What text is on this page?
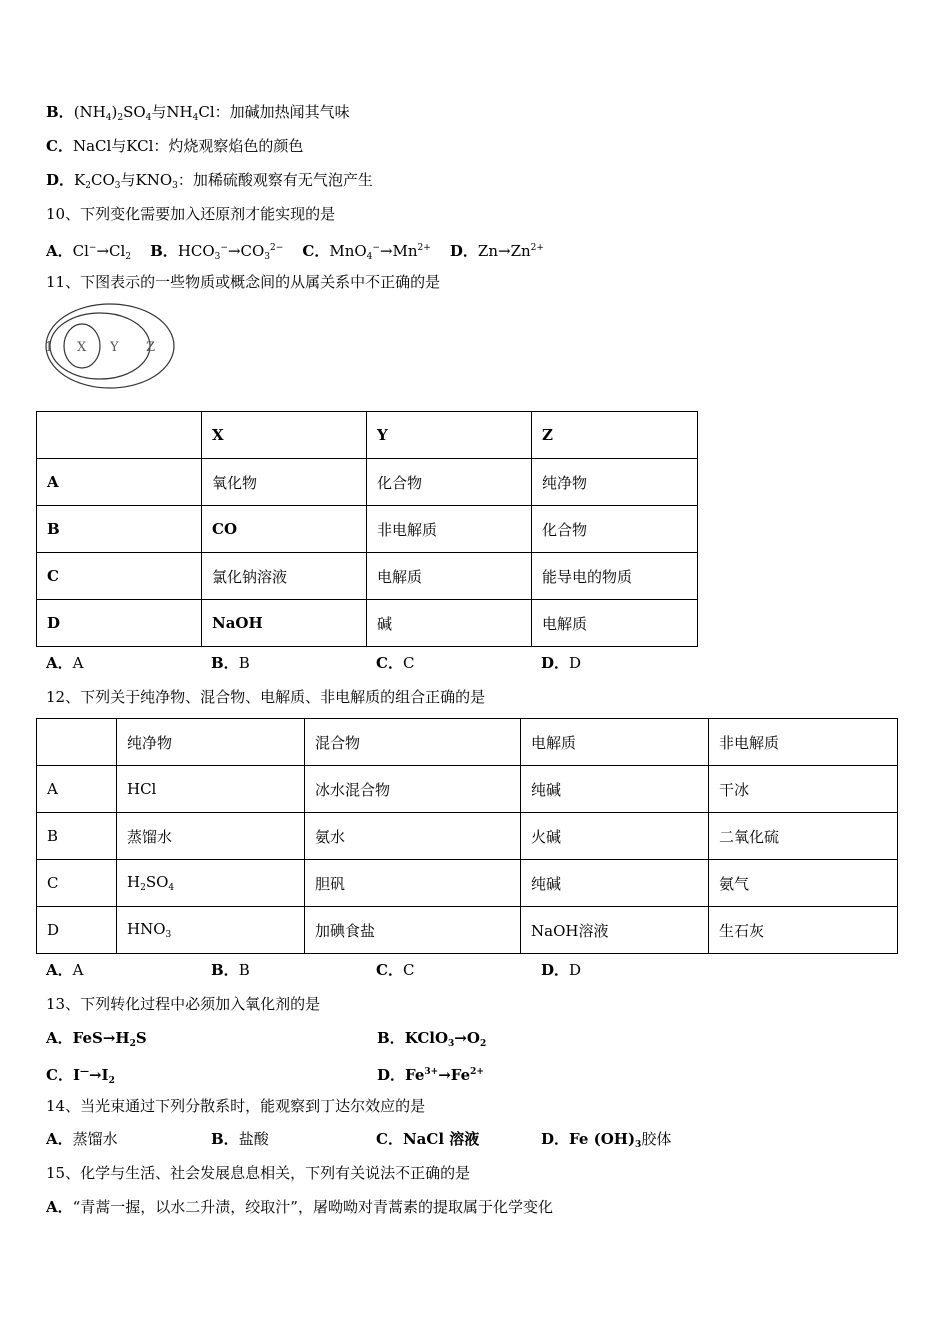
B．$(NH_4)_2SO_4$与$NH_4Cl$：加碱加热闻其气味
C．NaCl与KCl：灼烧观察焰色的颜色
D．$K_2CO_3$与$KNO_3$：加稀硫酸观察有无气泡产生
10、下列变化需要加入还原剂才能实现的是
A．$Cl^-\to Cl_2$ B．$HCO_3^-\to CO_3^{2-}$ C．$MnO_4^-\to Mn^{2+}$ D．$Zn\to Zn^{2+}$
11、下图表示的一些物质或概念间的从属关系中不正确的是
1 X Y Z
	X	Y	Z
A	氧化物	化合物	纯净物
B	CO	非电解质	化合物
C	氯化钠溶液	电解质	能导电的物质
D	NaOH	碱	电解质
A．A	B．B	C．C	D．D
12、下列关于纯净物、混合物、电解质、非电解质的组合正确的是
	纯净物	混合物	电解质	非电解质
A	HCl	冰水混合物	纯碱	干冰
B	蒸馏水	氨水	火碱	二氧化硫
C	$H_2SO_4$	胆矾	纯碱	氨气
D	$HNO_3$	加碘食盐	NaOH溶液	生石灰
A．A	B．B	C．C	D．D
13、下列转化过程中必须加入氧化剂的是
A．$FeS\to H_2S$	B．$KClO_3\to O_2$
C．$I^—\to I_2$	D．$Fe^{3+}\to Fe^{2+}$
14、当光束通过下列分散系时，能观察到丁达尔效应的是
A．蒸馏水	B．盐酸	C．NaCl 溶液	D．Fe $(OH)_3$胶体
15、化学与生活、社会发展息息相关，下列有关说法不正确的是
A．“青蒿一握，以水二升渍，绞取汁”，屠呦呦对青蒿素的提取属于化学变化
